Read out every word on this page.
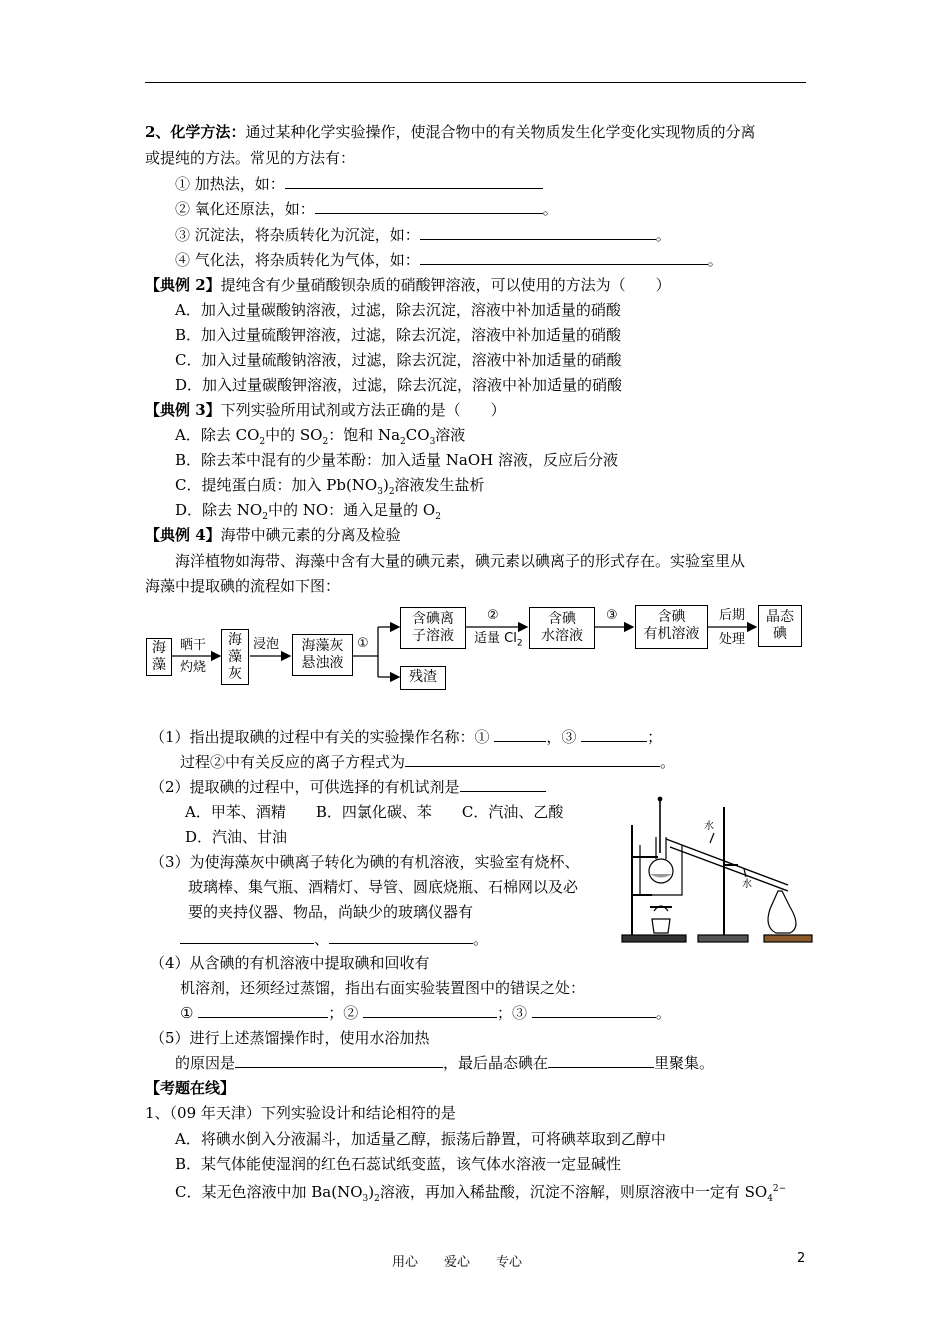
2、化学方法：通过某种化学实验操作，使混合物中的有关物质发生化学变化实现物质的分离
或提纯的方法。常见的方法有：
① 加热法，如：
② 氧化还原法，如：	。
③ 沉淀法，将杂质转化为沉淀，如：	。
④ 气化法，将杂质转化为气体，如：	。
【典例 2】提纯含有少量硝酸钡杂质的硝酸钾溶液，可以使用的方法为（　　）
A．加入过量碳酸钠溶液，过滤，除去沉淀，溶液中补加适量的硝酸
B．加入过量硫酸钾溶液，过滤，除去沉淀，溶液中补加适量的硝酸
C．加入过量硫酸钠溶液，过滤，除去沉淀，溶液中补加适量的硝酸
D．加入过量碳酸钾溶液，过滤，除去沉淀，溶液中补加适量的硝酸
【典例 3】下列实验所用试剂或方法正确的是（　　）
A．除去 $CO_2$中的 $SO_2$：饱和 $Na_2CO_3$溶液
B．除去苯中混有的少量苯酚：加入适量 NaOH 溶液，反应后分液
C．提纯蛋白质：加入 $Pb(NO_3)_2$溶液发生盐析
D．除去 $NO_2$中的 NO：通入足量的 $O_2$
【典例 4】海带中碘元素的分离及检验
海洋植物如海带、海藻中含有大量的碘元素，碘元素以碘离子的形式存在。实验室里从
海藻中提取碘的流程如下图：
海
藻
晒干
灼烧
海
藻
灰
浸泡	海藻灰
悬浊液
①
含碘离
子溶液
残渣
②
适量 $Cl_2$
含碘
水溶液
③	含碘
有机溶液
后期
处理
晶态
碘
（1）指出提取碘的过程中有关的实验操作名称：①	，③	；
过程②中有关反应的离子方程式为	。
（2）提取碘的过程中，可供选择的有机试剂是
A．甲苯、酒精　　B．四氯化碳、苯　　C．汽油、乙酸
D．汽油、甘油
（3）为使海藻灰中碘离子转化为碘的有机溶液，实验室有烧杯、
玻璃棒、集气瓶、酒精灯、导管、圆底烧瓶、石棉网以及必
要的夹持仪器、物品，尚缺少的玻璃仪器有
、	。
水
水
（4）从含碘的有机溶液中提取碘和回收有
机溶剂，还须经过蒸馏，指出右面实验装置图中的错误之处：
①	；②	；③	。
（5）进行上述蒸馏操作时，使用水浴加热
的原因是	，最后晶态碘在	里聚集。
【考题在线】
1、（09 年天津）下列实验设计和结论相符的是
A．将碘水倒入分液漏斗，加适量乙醇，振荡后静置，可将碘萃取到乙醇中
B．某气体能使湿润的红色石蕊试纸变蓝，该气体水溶液一定显碱性
C．某无色溶液中加 $Ba(NO_3)_2$溶液，再加入稀盐酸，沉淀不溶解，则原溶液中一定有 $SO_4^{2-}$
用心　　爱心　　专心	2
